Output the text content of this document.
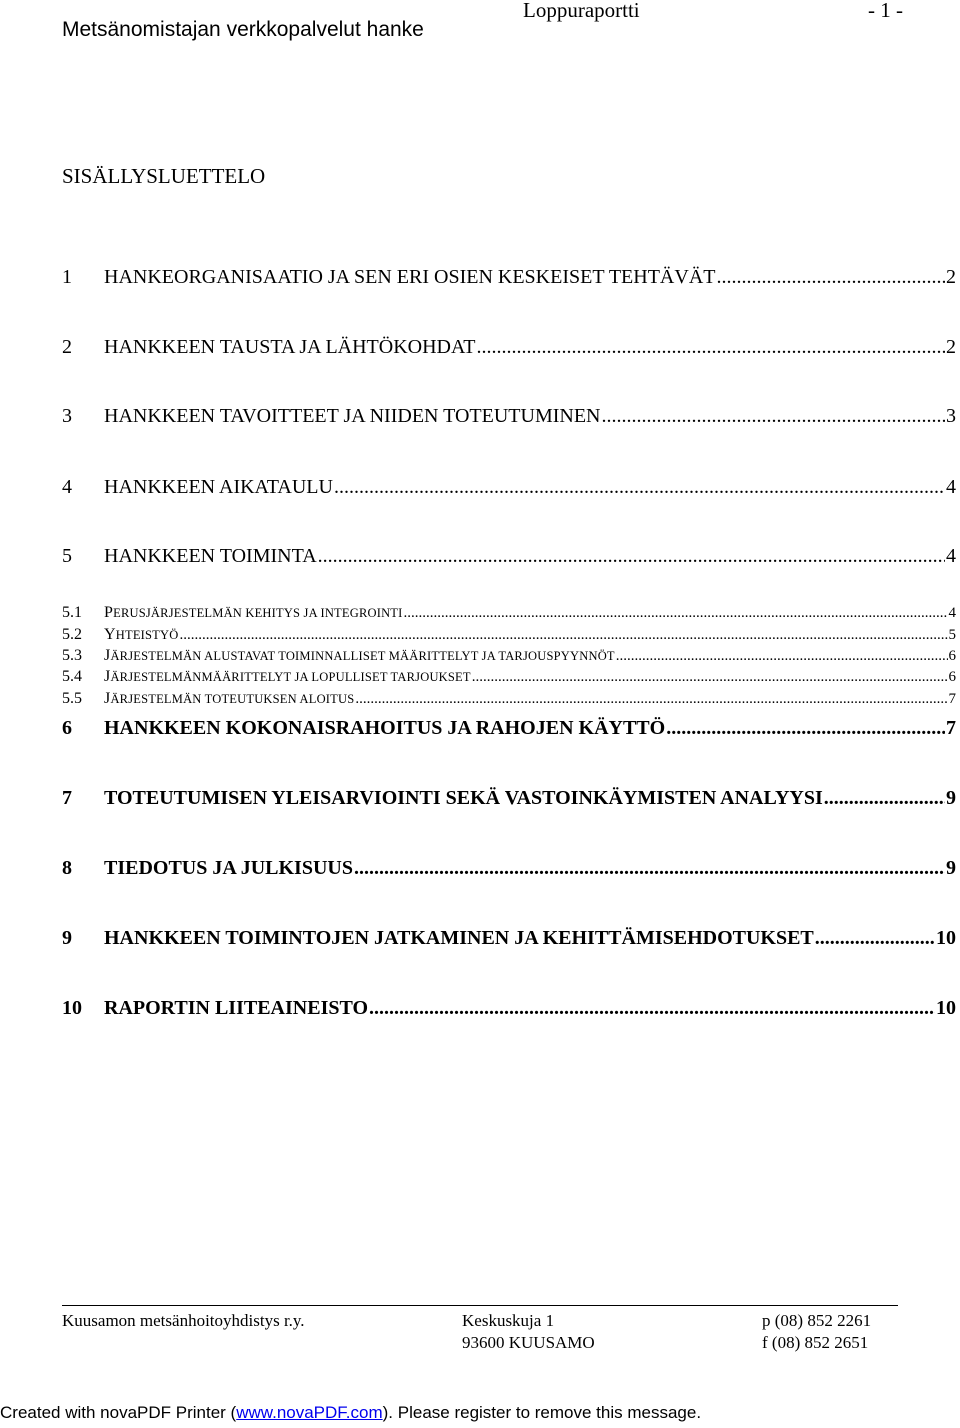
Loppuraportti	- 1 -
Metsänomistajan verkkopalvelut hanke
SISÄLLYSLUETTELO
1	HANKEORGANISAATIO JA SEN ERI OSIEN KESKEISET TEHTÄVÄT .....	2
2	HANKKEEN TAUSTA JA LÄHTÖKOHDAT .....	2
3	HANKKEEN TAVOITTEET JA NIIDEN TOTEUTUMINEN .....	3
4	HANKKEEN AIKATAULU .....	4
5	HANKKEEN TOIMINTA .....	4
5.1	PERUSJÄRJESTELMÄN KEHITYS JA INTEGROINTI .....	4
5.2	YHTEISTYÖ .....	5
5.3	JÄRJESTELMÄN ALUSTAVAT TOIMINNALLISET MÄÄRITTELYT JA TARJOUSPYYNNÖT .....	6
5.4	JÄRJESTELMÄNMÄÄRITTELYT JA LOPULLISET TARJOUKSET .....	6
5.5	JÄRJESTELMÄN TOTEUTUKSEN ALOITUS .....	7
6	HANKKEEN KOKONAISRAHOITUS JA RAHOJEN KÄYTTÖ .....	7
7	TOTEUTUMISEN YLEISARVIOINTI SEKÄ VASTOINKÄYMISTEN ANALYYSI .....	9
8	TIEDOTUS JA JULKISUUS .....	9
9	HANKKEEN TOIMINTOJEN JATKAMINEN JA KEHITTÄMISEHDOTUKSET .....	10
10	RAPORTIN LIITEAINEISTO .....	10
Kuusamon metsänhoitoyhdistys r.y.	Keskuskuja 1
93600 KUUSAMO
p (08) 852 2261
f (08) 852 2651
Created with novaPDF Printer (www.novaPDF.com). Please register to remove this message.
